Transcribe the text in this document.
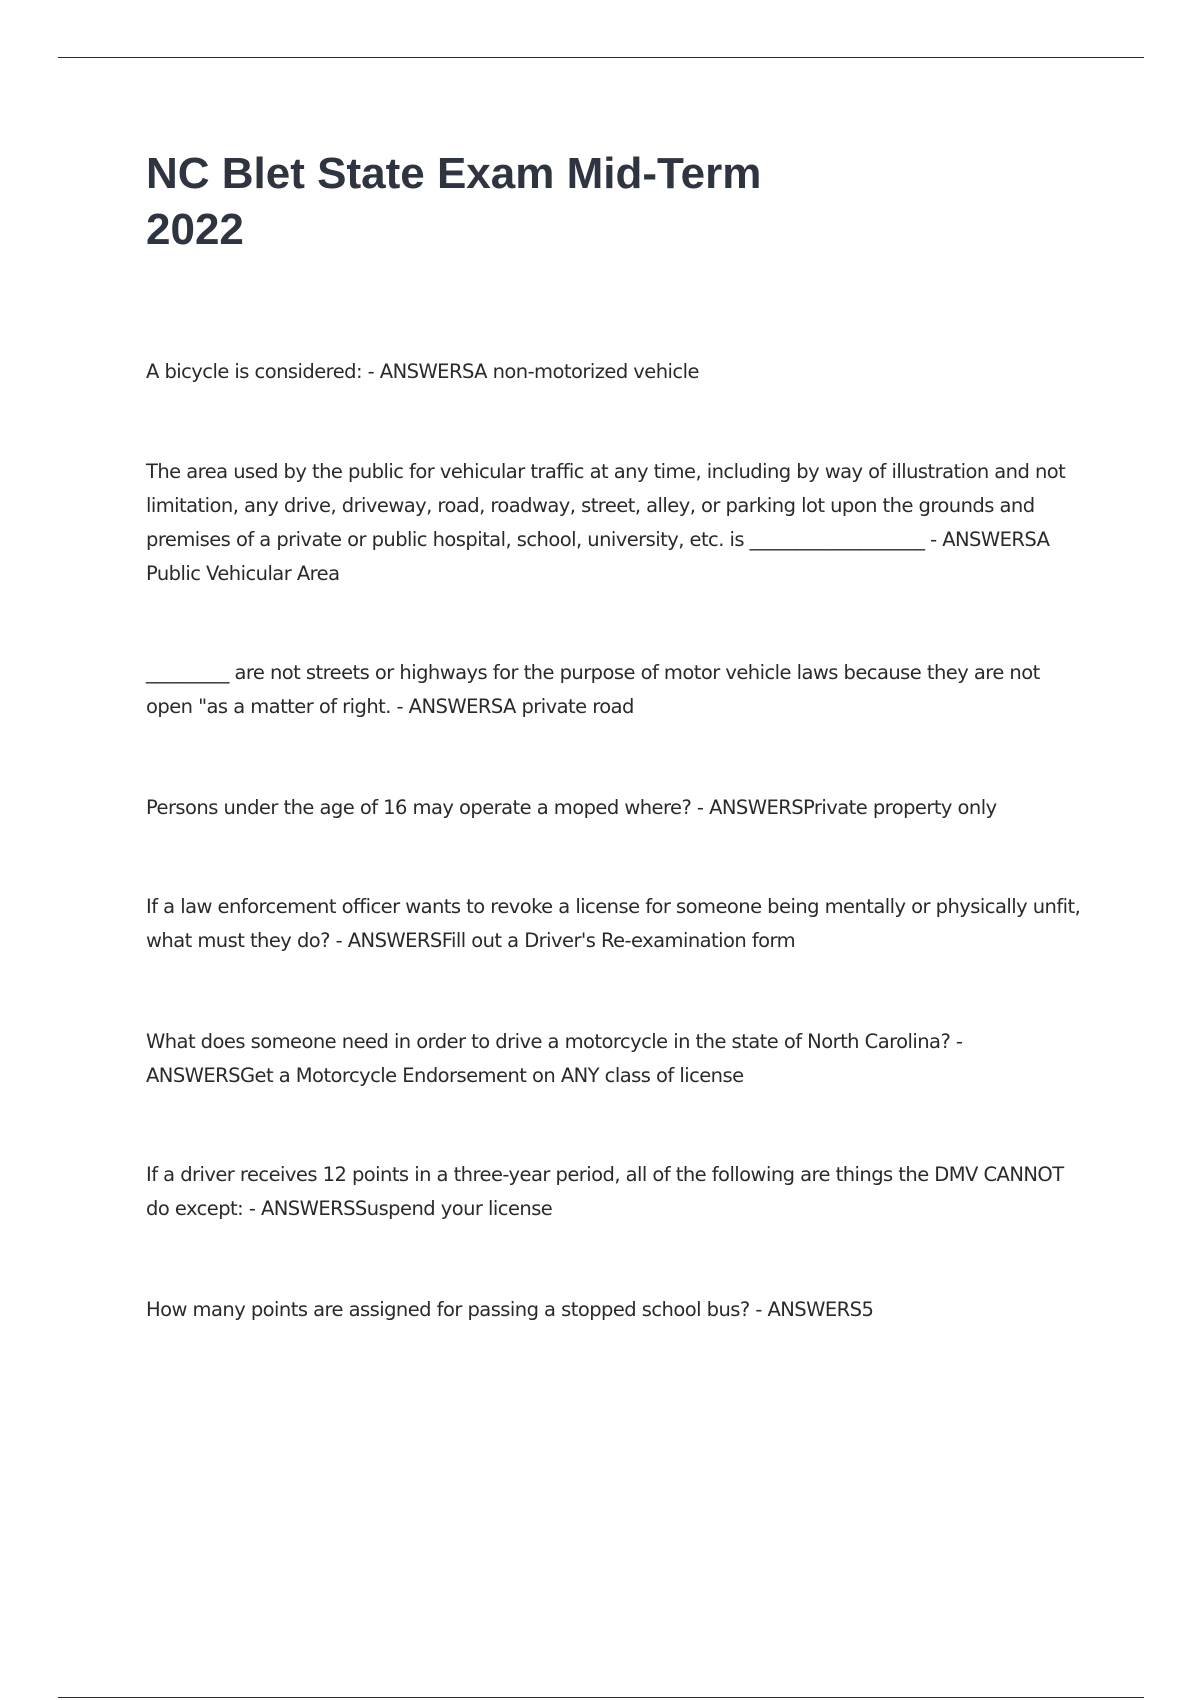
NC Blet State Exam Mid-Term 2022

A bicycle is considered: - ANSWERSA non-motorized vehicle

The area used by the public for vehicular traffic at any time, including by way of illustration and not limitation, any drive, driveway, road, roadway, street, alley, or parking lot upon the grounds and premises of a private or public hospital, school, university, etc. is ___________________ - ANSWERSA Public Vehicular Area

_________ are not streets or highways for the purpose of motor vehicle laws because they are not open "as a matter of right. - ANSWERSA private road

Persons under the age of 16 may operate a moped where? - ANSWERSPrivate property only

If a law enforcement officer wants to revoke a license for someone being mentally or physically unfit, what must they do? - ANSWERSFill out a Driver's Re-examination form

What does someone need in order to drive a motorcycle in the state of North Carolina? - ANSWERSGet a Motorcycle Endorsement on ANY class of license

If a driver receives 12 points in a three-year period, all of the following are things the DMV CANNOT do except: - ANSWERSSuspend your license

How many points are assigned for passing a stopped school bus? - ANSWERS5
